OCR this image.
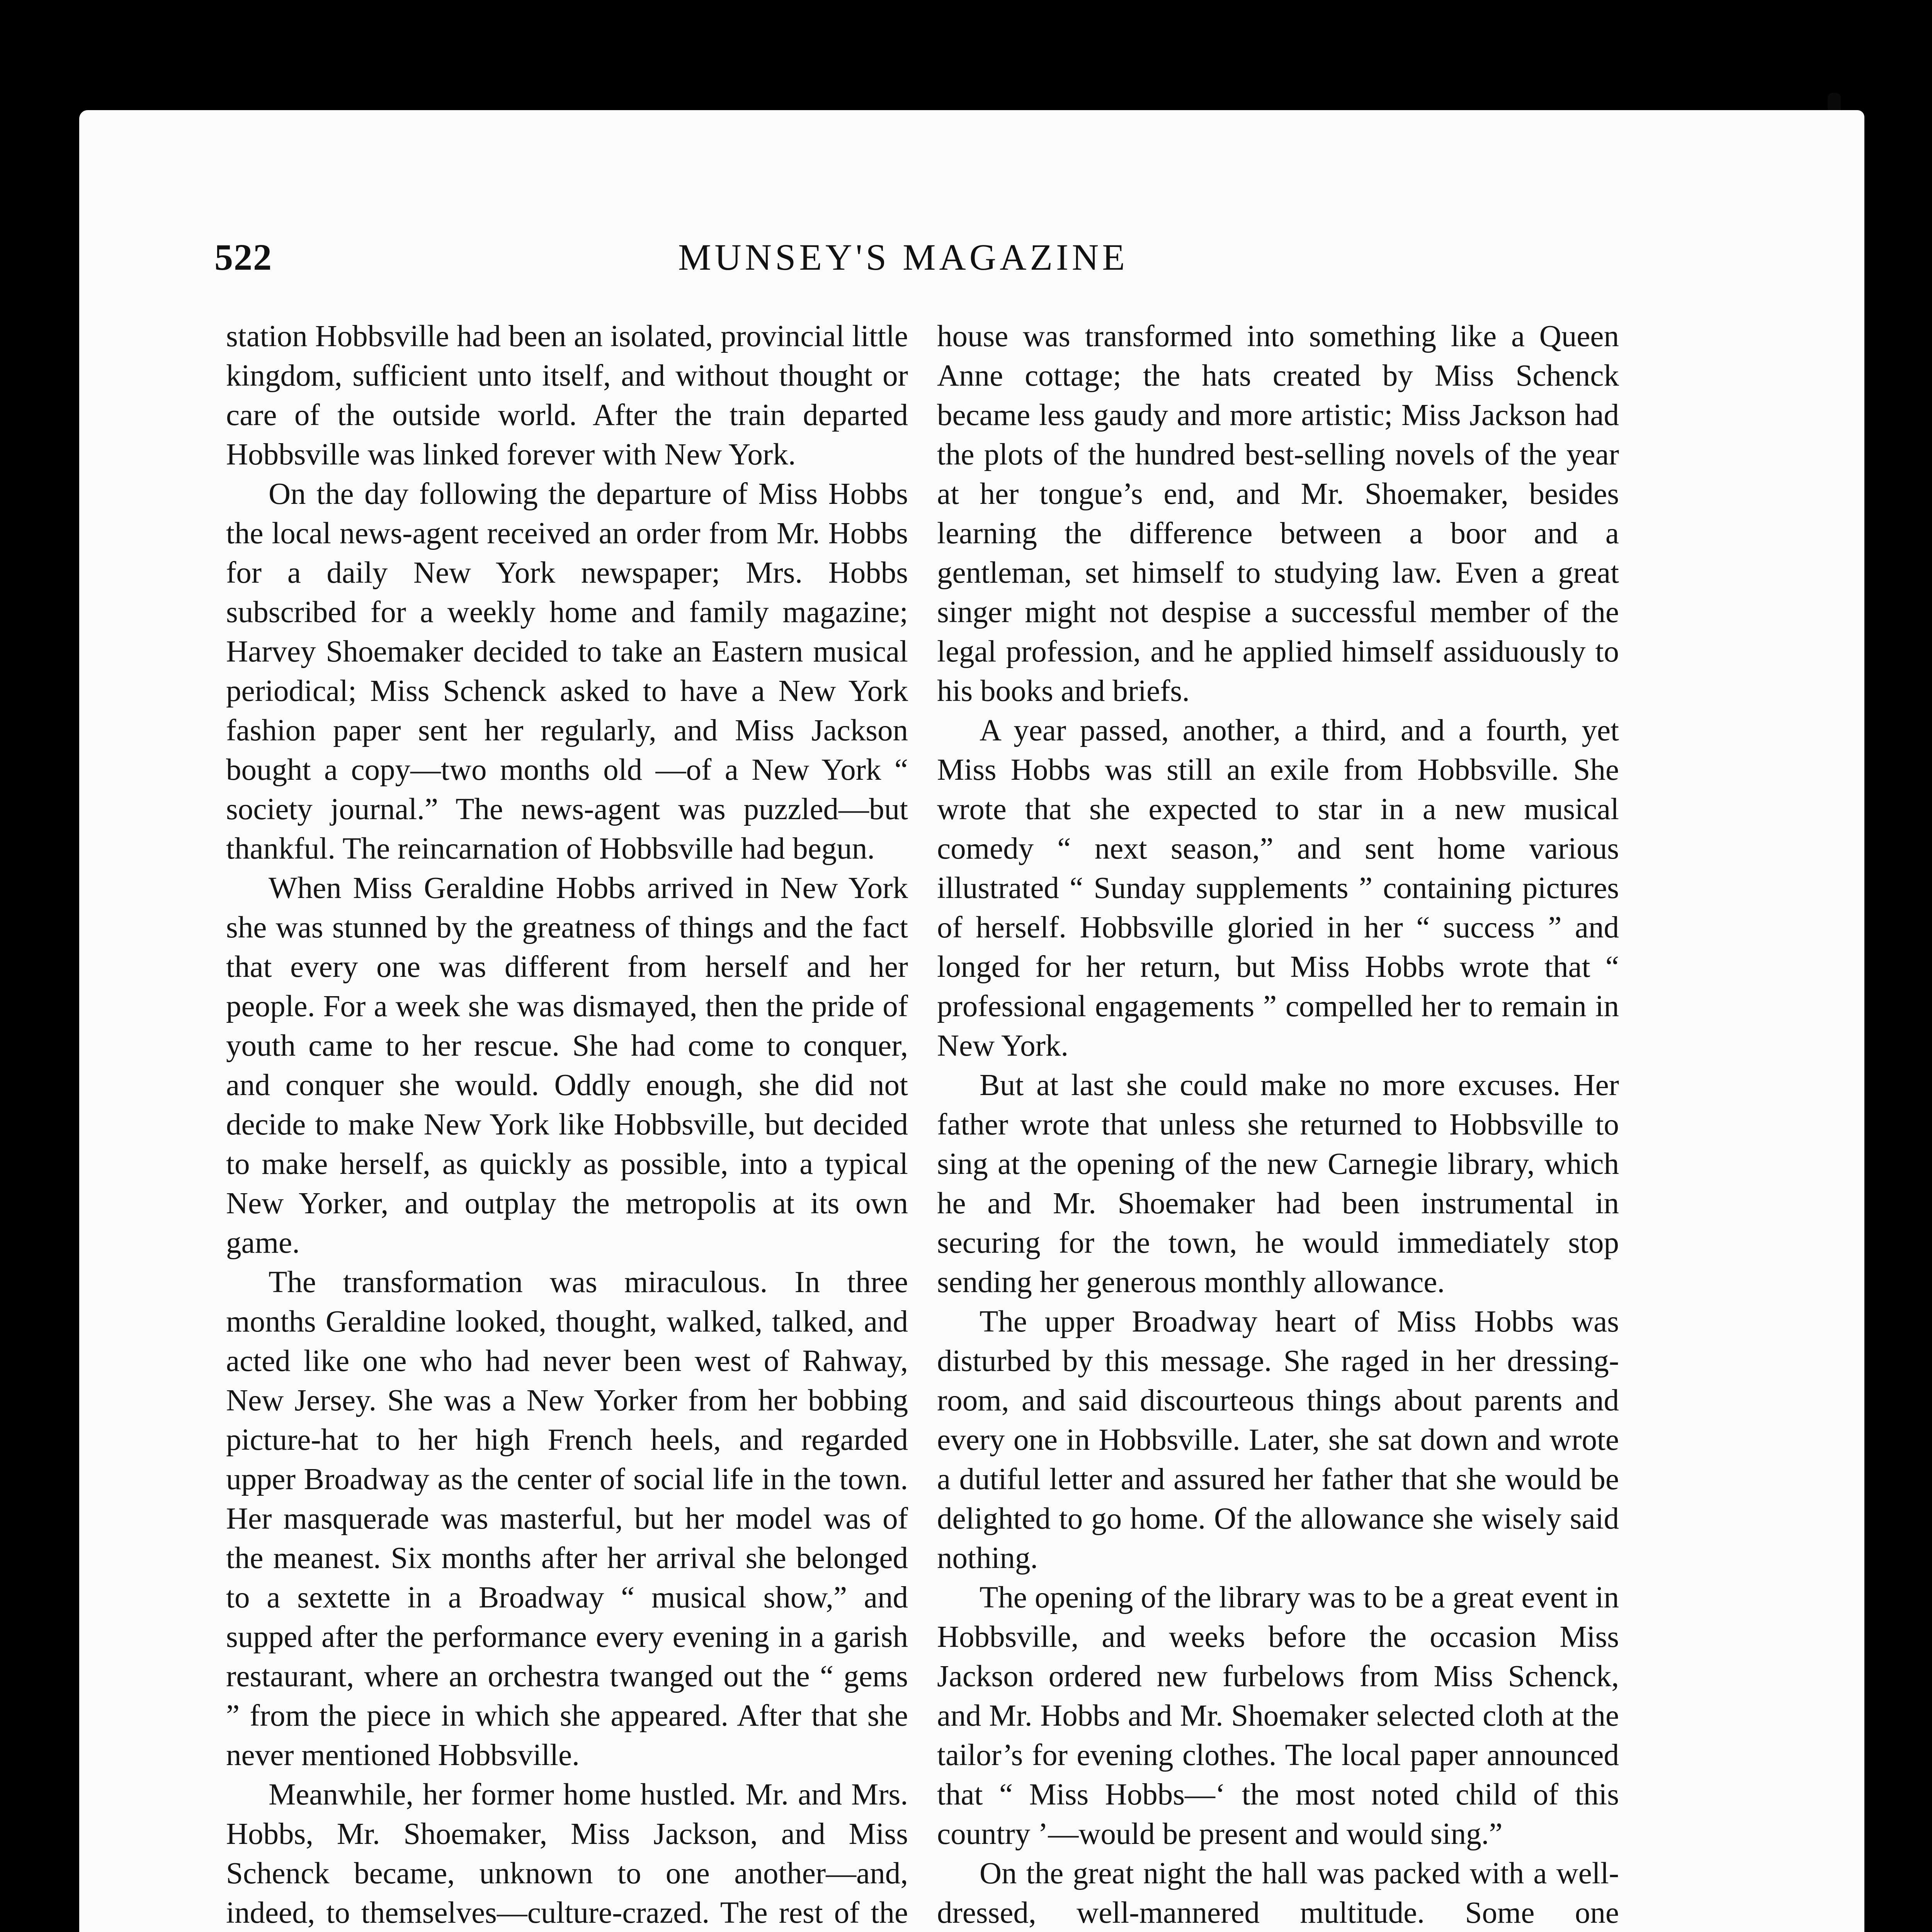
522	MUNSEY'S MAGAZINE

station Hobbsville had been an isolated, provincial little kingdom, sufficient unto itself, and without thought or care of the outside world. After the train departed Hobbsville was linked forever with New York.

On the day following the departure of Miss Hobbs the local news-agent received an order from Mr. Hobbs for a daily New York newspaper; Mrs. Hobbs subscribed for a weekly home and family magazine; Harvey Shoemaker decided to take an Eastern musical periodical; Miss Schenck asked to have a New York fashion paper sent her regularly, and Miss Jackson bought a copy—two months old —of a New York “ society journal.” The news-agent was puzzled—but thankful. The reincarnation of Hobbsville had begun.

When Miss Geraldine Hobbs arrived in New York she was stunned by the greatness of things and the fact that every one was different from herself and her people. For a week she was dismayed, then the pride of youth came to her rescue. She had come to conquer, and conquer she would. Oddly enough, she did not decide to make New York like Hobbsville, but decided to make herself, as quickly as possible, into a typical New Yorker, and outplay the metropolis at its own game.

The transformation was miraculous. In three months Geraldine looked, thought, walked, talked, and acted like one who had never been west of Rahway, New Jersey. She was a New Yorker from her bobbing picture-hat to her high French heels, and regarded upper Broadway as the center of social life in the town. Her masquerade was masterful, but her model was of the meanest. Six months after her arrival she belonged to a sextette in a Broadway “ musical show,” and supped after the performance every evening in a garish restaurant, where an orchestra twanged out the “ gems ” from the piece in which she appeared. After that she never mentioned Hobbsville.

Meanwhile, her former home hustled. Mr. and Mrs. Hobbs, Mr. Shoemaker, Miss Jackson, and Miss Schenck became, unknown to one another—and, indeed, to themselves—culture-crazed. The rest of the

house was transformed into something like a Queen Anne cottage; the hats created by Miss Schenck became less gaudy and more artistic; Miss Jackson had the plots of the hundred best-selling novels of the year at her tongue’s end, and Mr. Shoemaker, besides learning the difference between a boor and a gentleman, set himself to studying law. Even a great singer might not despise a successful member of the legal profession, and he applied himself assiduously to his books and briefs.

A year passed, another, a third, and a fourth, yet Miss Hobbs was still an exile from Hobbsville. She wrote that she expected to star in a new musical comedy “ next season,” and sent home various illustrated “ Sunday supplements ” containing pictures of herself. Hobbsville gloried in her “ success ” and longed for her return, but Miss Hobbs wrote that “ professional engagements ” compelled her to remain in New York.

But at last she could make no more excuses. Her father wrote that unless she returned to Hobbsville to sing at the opening of the new Carnegie library, which he and Mr. Shoemaker had been instrumental in securing for the town, he would immediately stop sending her generous monthly allowance.

The upper Broadway heart of Miss Hobbs was disturbed by this message. She raged in her dressing-room, and said discourteous things about parents and every one in Hobbsville. Later, she sat down and wrote a dutiful letter and assured her father that she would be delighted to go home. Of the allowance she wisely said nothing.

The opening of the library was to be a great event in Hobbsville, and weeks before the occasion Miss Jackson ordered new furbelows from Miss Schenck, and Mr. Hobbs and Mr. Shoemaker selected cloth at the tailor’s for evening clothes. The local paper announced that “ Miss Hobbs—‘ the most noted child of this country ’—would be present and would sing.”

On the great night the hall was packed with a well-dressed, well-mannered multitude. Some one
